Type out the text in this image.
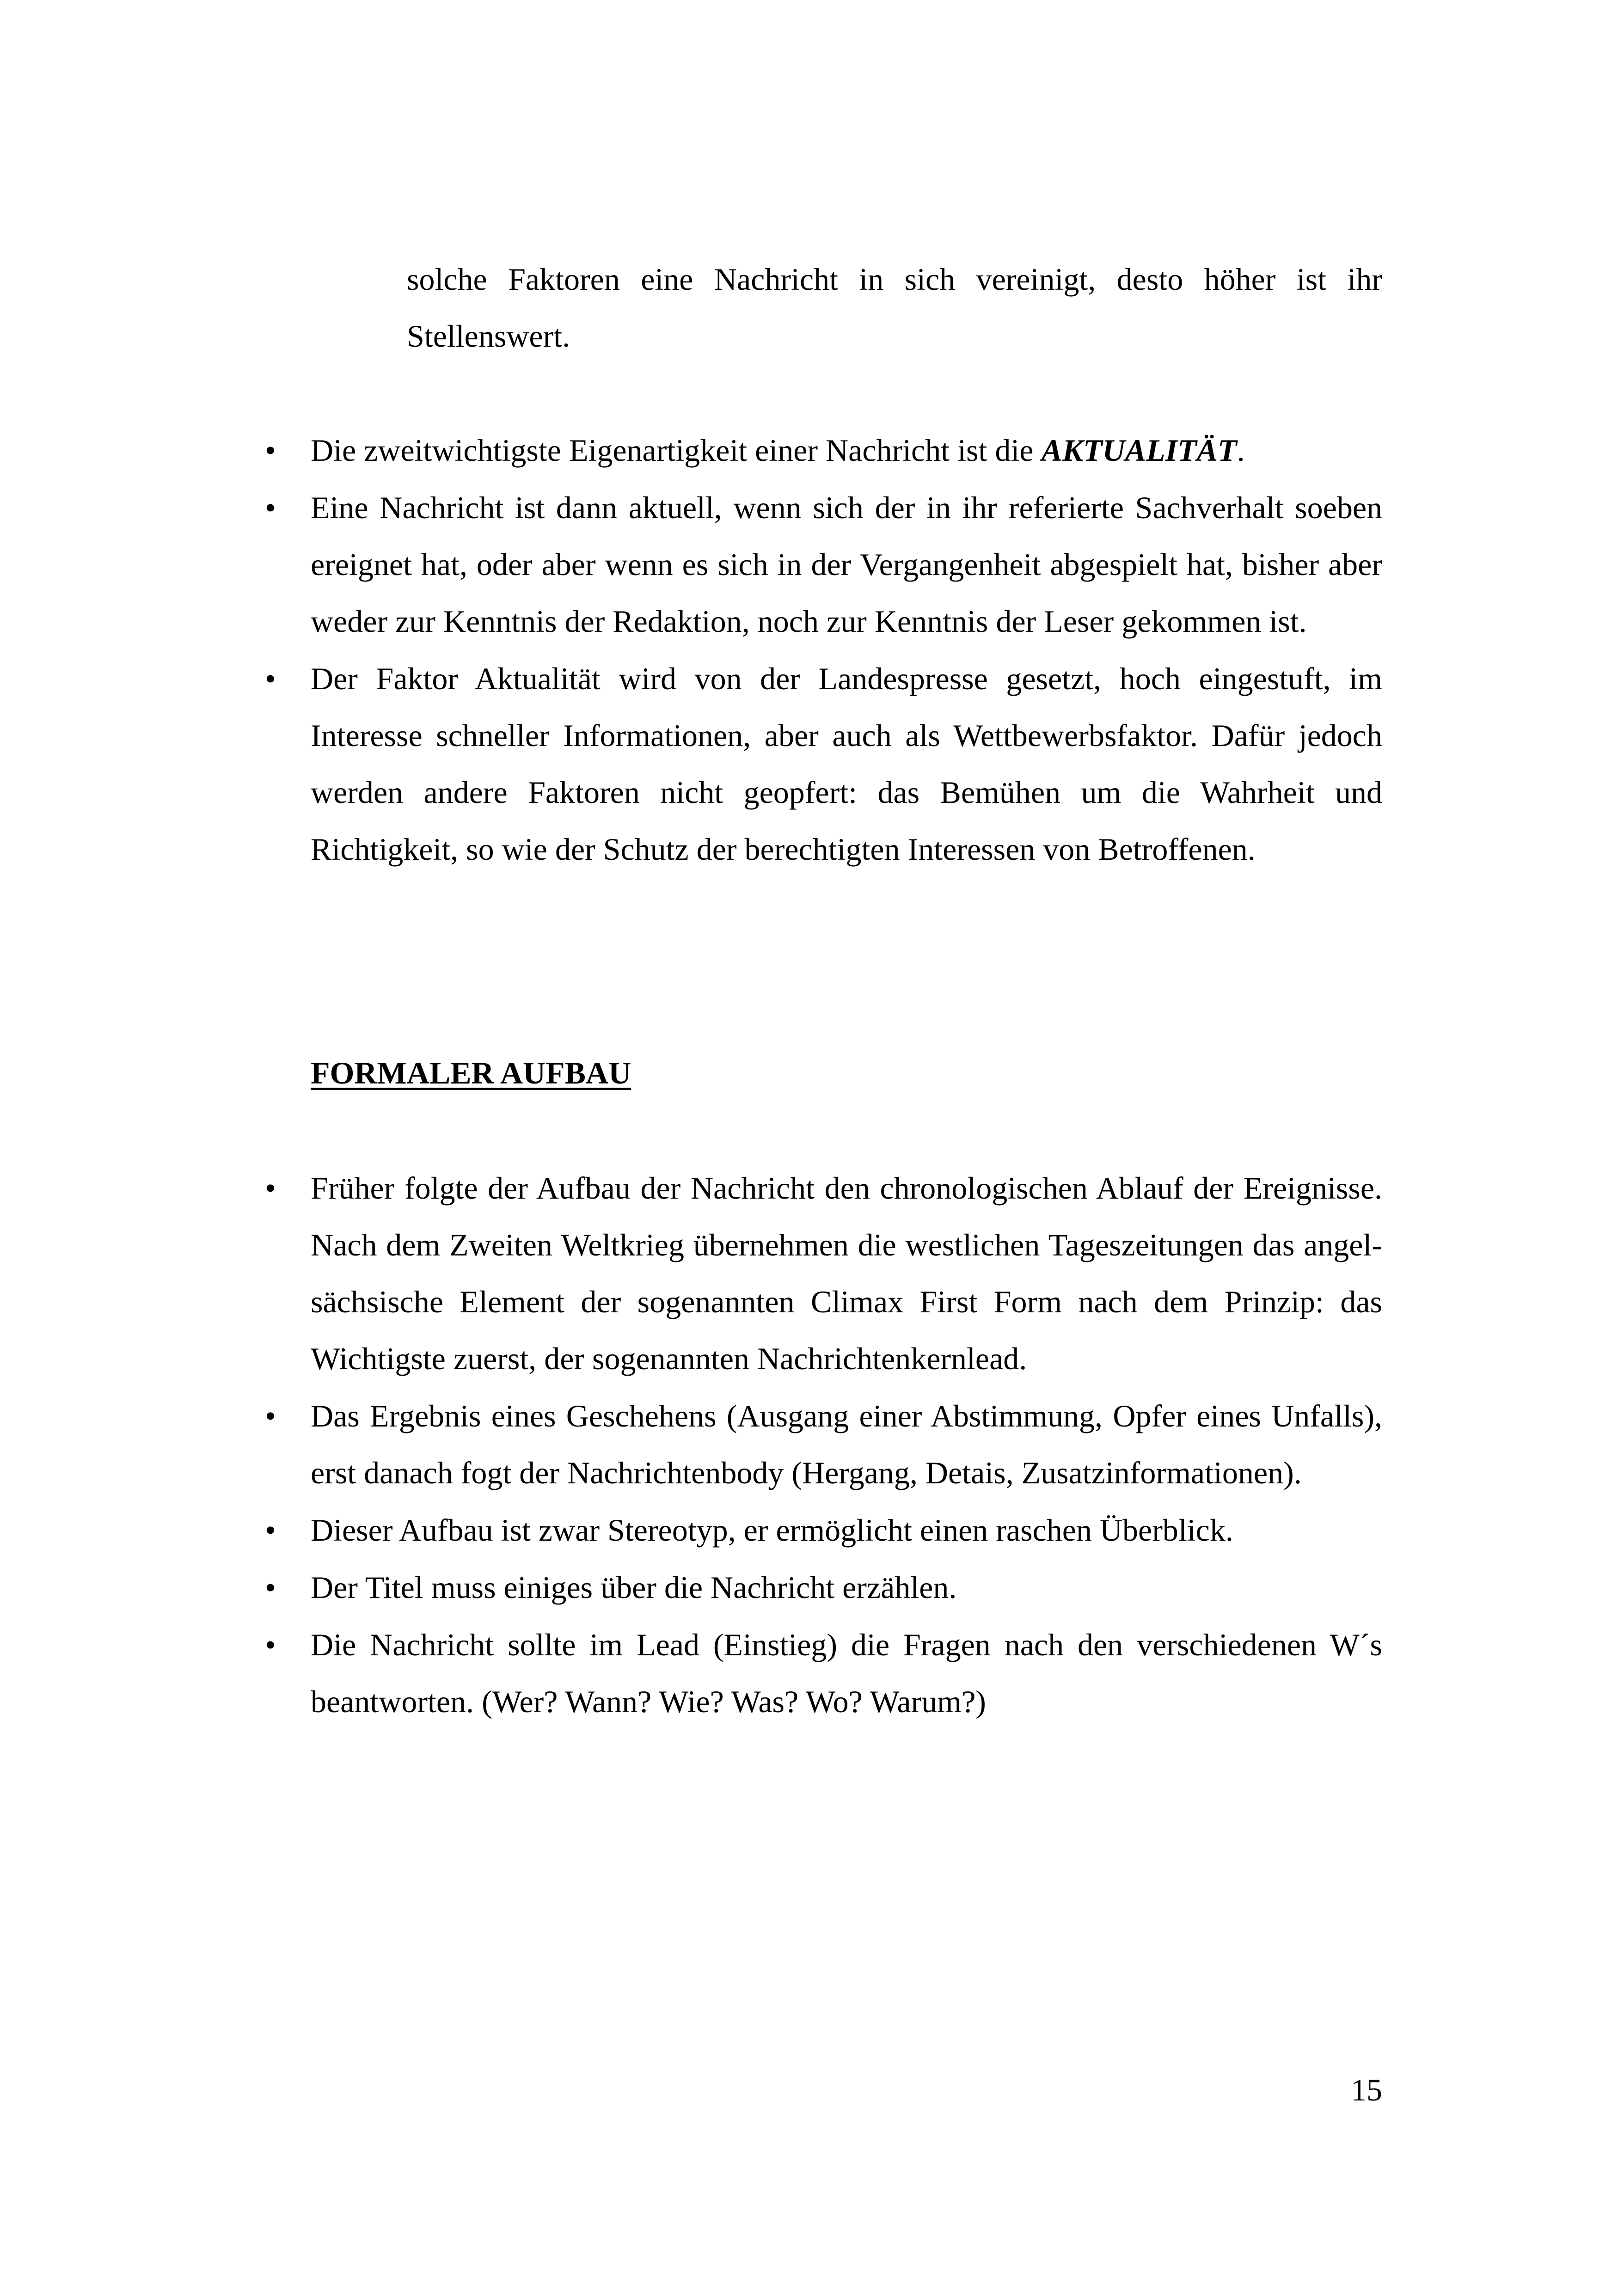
solche Faktoren eine Nachricht in sich vereinigt, desto höher ist ihr Stellenswert.

•	Die zweitwichtigste Eigenartigkeit einer Nachricht ist die AKTUALITÄT.
•	Eine Nachricht ist dann aktuell, wenn sich der in ihr referierte Sachverhalt soeben ereignet hat, oder aber wenn es sich in der Vergangenheit abgespielt hat, bisher aber weder zur Kenntnis der Redaktion, noch zur Kenntnis der Leser gekommen ist.
•	Der Faktor Aktualität wird von der Landespresse gesetzt, hoch eingestuft, im Interesse schneller Informationen, aber auch als Wettbewerbsfaktor. Dafür jedoch werden andere Faktoren nicht geopfert: das Bemühen um die Wahrheit und Richtigkeit, so wie der Schutz der berechtigten Interessen von Betroffenen.
FORMALER AUFBAU
•	Früher folgte der Aufbau der Nachricht den chronologischen Ablauf der Ereignisse. Nach dem Zweiten Weltkrieg übernehmen die westlichen Tageszeitungen das angel-sächsische Element der sogenannten Climax First Form nach dem Prinzip: das Wichtigste zuerst, der sogenannten Nachrichtenkernlead.
•	Das Ergebnis eines Geschehens (Ausgang einer Abstimmung, Opfer eines Unfalls), erst danach fogt der Nachrichtenbody (Hergang, Detais, Zusatzinformationen).
•	Dieser Aufbau ist zwar Stereotyp, er ermöglicht einen raschen Überblick.
•	Der Titel muss einiges über die Nachricht erzählen.
•	Die Nachricht sollte im Lead (Einstieg) die Fragen nach den verschiedenen W´s beantworten. (Wer? Wann? Wie? Was? Wo? Warum?)
15
